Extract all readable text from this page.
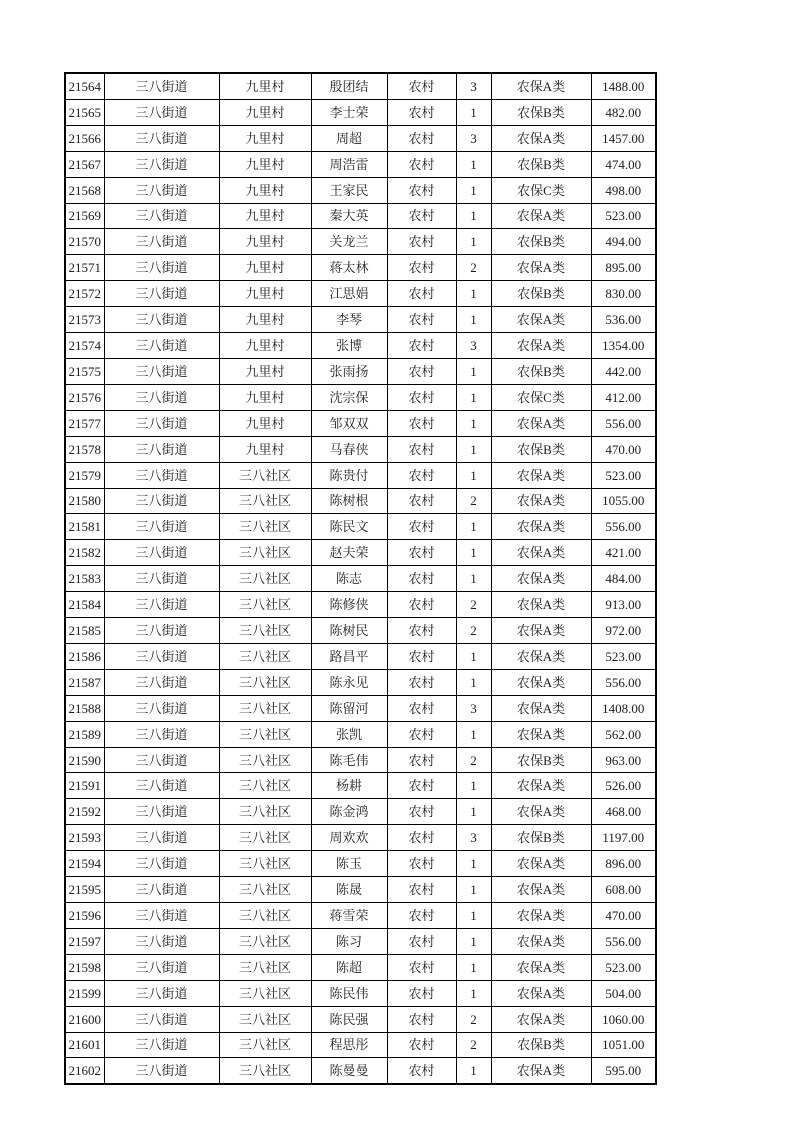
21564	三八街道	九里村	殷团结	农村	3	农保A类	1488.00
21565	三八街道	九里村	李士荣	农村	1	农保B类	482.00
21566	三八街道	九里村	周超	农村	3	农保A类	1457.00
21567	三八街道	九里村	周浩雷	农村	1	农保B类	474.00
21568	三八街道	九里村	王家民	农村	1	农保C类	498.00
21569	三八街道	九里村	秦大英	农村	1	农保A类	523.00
21570	三八街道	九里村	关龙兰	农村	1	农保B类	494.00
21571	三八街道	九里村	蒋太林	农村	2	农保A类	895.00
21572	三八街道	九里村	江思娟	农村	1	农保B类	830.00
21573	三八街道	九里村	李琴	农村	1	农保A类	536.00
21574	三八街道	九里村	张博	农村	3	农保A类	1354.00
21575	三八街道	九里村	张雨扬	农村	1	农保B类	442.00
21576	三八街道	九里村	沈宗保	农村	1	农保C类	412.00
21577	三八街道	九里村	邹双双	农村	1	农保A类	556.00
21578	三八街道	九里村	马春侠	农村	1	农保B类	470.00
21579	三八街道	三八社区	陈贵付	农村	1	农保A类	523.00
21580	三八街道	三八社区	陈树根	农村	2	农保A类	1055.00
21581	三八街道	三八社区	陈民文	农村	1	农保A类	556.00
21582	三八街道	三八社区	赵夫荣	农村	1	农保A类	421.00
21583	三八街道	三八社区	陈志	农村	1	农保A类	484.00
21584	三八街道	三八社区	陈修侠	农村	2	农保A类	913.00
21585	三八街道	三八社区	陈树民	农村	2	农保A类	972.00
21586	三八街道	三八社区	路昌平	农村	1	农保A类	523.00
21587	三八街道	三八社区	陈永见	农村	1	农保A类	556.00
21588	三八街道	三八社区	陈留河	农村	3	农保A类	1408.00
21589	三八街道	三八社区	张凯	农村	1	农保A类	562.00
21590	三八街道	三八社区	陈毛伟	农村	2	农保B类	963.00
21591	三八街道	三八社区	杨耕	农村	1	农保A类	526.00
21592	三八街道	三八社区	陈金鸿	农村	1	农保A类	468.00
21593	三八街道	三八社区	周欢欢	农村	3	农保B类	1197.00
21594	三八街道	三八社区	陈玉	农村	1	农保A类	896.00
21595	三八街道	三八社区	陈晟	农村	1	农保A类	608.00
21596	三八街道	三八社区	蒋雪荣	农村	1	农保A类	470.00
21597	三八街道	三八社区	陈习	农村	1	农保A类	556.00
21598	三八街道	三八社区	陈超	农村	1	农保A类	523.00
21599	三八街道	三八社区	陈民伟	农村	1	农保A类	504.00
21600	三八街道	三八社区	陈民强	农村	2	农保A类	1060.00
21601	三八街道	三八社区	程思彤	农村	2	农保B类	1051.00
21602	三八街道	三八社区	陈曼曼	农村	1	农保A类	595.00
